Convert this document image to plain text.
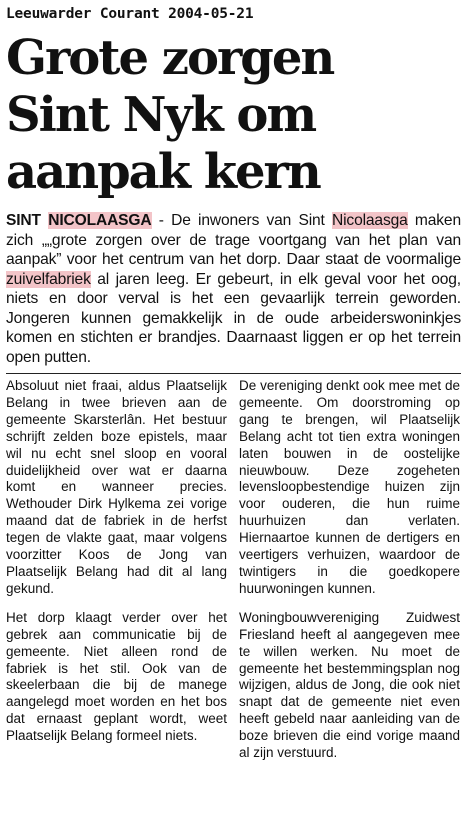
Leeuwarder Courant 2004-05-21
Grote zorgen
Sint Nyk om
aanpak kern
SINT NICOLAASGA - De inwoners van Sint Nicolaasga maken zich „„grote zorgen over de trage voortgang van het plan van aanpak” voor het centrum van het dorp. Daar staat de voormalige zuivelfabriek al jaren leeg. Er gebeurt, in elk geval voor het oog, niets en door verval is het een gevaarlijk terrein geworden. Jongeren kunnen gemakkelijk in de oude arbeiderswoninkjes komen en stichten er brandjes. Daarnaast liggen er op het terrein open putten.

Absoluut niet fraai, aldus Plaatselijk Belang in twee brieven aan de gemeente Skarsterlân. Het bestuur schrijft zelden boze epistels, maar wil nu echt snel sloop en vooral duidelijkheid over wat er daarna komt en wanneer precies. Wethouder Dirk Hylkema zei vorige maand dat de fabriek in de herfst tegen de vlakte gaat, maar volgens voorzitter Koos de Jong van Plaatselijk Belang had dit al lang gekund.

Het dorp klaagt verder over het gebrek aan communicatie bij de gemeente. Niet alleen rond de fabriek is het stil. Ook van de skeelerbaan die bij de manege aangelegd moet worden en het bos dat ernaast geplant wordt, weet Plaatselijk Belang formeel niets.

De vereniging denkt ook mee met de gemeente. Om doorstroming op gang te brengen, wil Plaatselijk Belang acht tot tien extra woningen laten bouwen in de oostelijke nieuwbouw. Deze zogeheten levensloopbestendige huizen zijn voor ouderen, die hun ruime huurhuizen dan verlaten. Hiernaartoe kunnen de dertigers en veertigers verhuizen, waardoor de twintigers in die goedkopere huurwoningen kunnen.

Woningbouwvereniging Zuidwest Friesland heeft al aangegeven mee te willen werken. Nu moet de gemeente het bestemmingsplan nog wijzigen, aldus de Jong, die ook niet snapt dat de gemeente niet even heeft gebeld naar aanleiding van de boze brieven die eind vorige maand al zijn verstuurd.
